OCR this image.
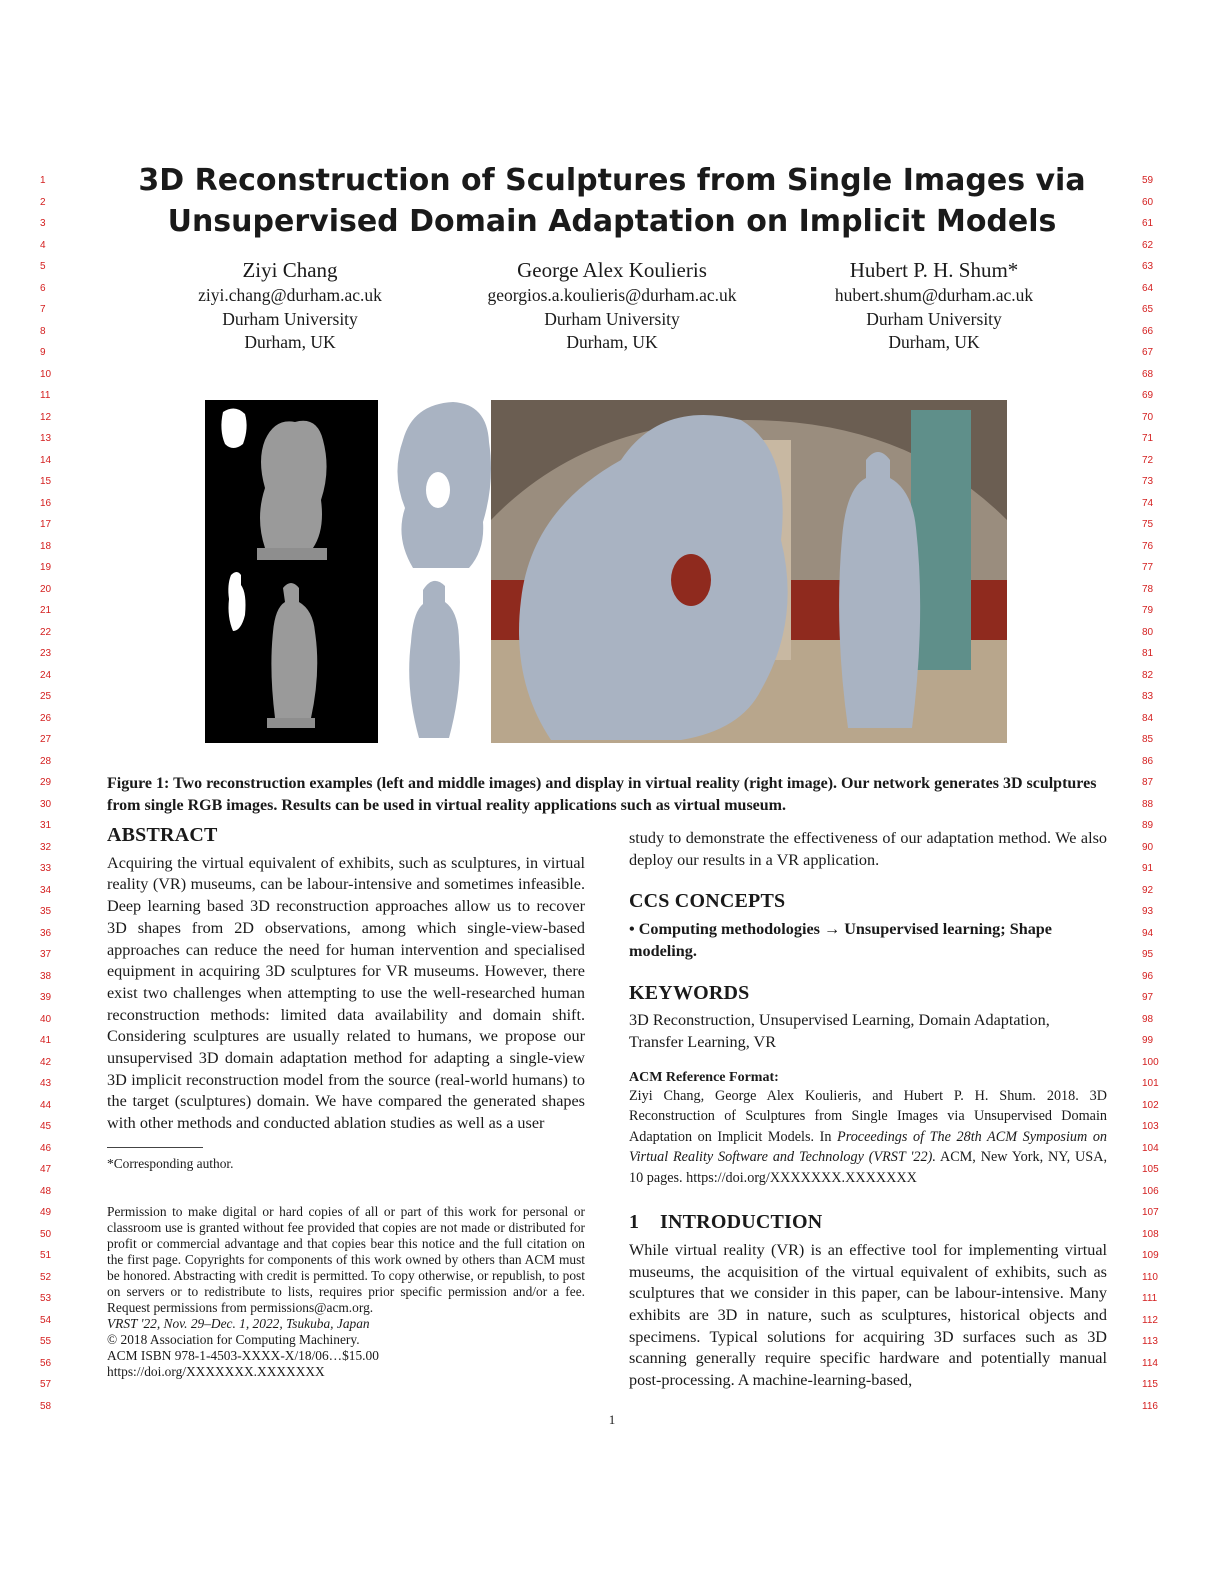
1
2
3
4
5
6
7
8
9
10
11
12
13
14
15
16
17
18
19
20
21
22
23
24
25
26
27
28
29
30
31
32
33
34
35
36
37
38
39
40
41
42
43
44
45
46
47
48
49
50
51
52
53
54
55
56
57
58
59
60
61
62
63
64
65
66
67
68
69
70
71
72
73
74
75
76
77
78
79
80
81
82
83
84
85
86
87
88
89
90
91
92
93
94
95
96
97
98
99
100
101
102
103
104
105
106
107
108
109
110
111
112
113
114
115
116
3D Reconstruction of Sculptures from Single Images via
Unsupervised Domain Adaptation on Implicit Models
Ziyi Chang
ziyi.chang@durham.ac.uk
Durham University
Durham, UK
George Alex Koulieris
georgios.a.koulieris@durham.ac.uk
Durham University
Durham, UK
Hubert P. H. Shum*
hubert.shum@durham.ac.uk
Durham University
Durham, UK
Figure 1: Two reconstruction examples (left and middle images) and display in virtual reality (right image). Our network generates 3D sculptures from single RGB images. Results can be used in virtual reality applications such as virtual museum.
ABSTRACT

Acquiring the virtual equivalent of exhibits, such as sculptures, in virtual reality (VR) museums, can be labour-intensive and sometimes infeasible. Deep learning based 3D reconstruction approaches allow us to recover 3D shapes from 2D observations, among which single-view-based approaches can reduce the need for human intervention and specialised equipment in acquiring 3D sculptures for VR museums. However, there exist two challenges when attempting to use the well-researched human reconstruction methods: limited data availability and domain shift. Considering sculptures are usually related to humans, we propose our unsupervised 3D domain adaptation method for adapting a single-view 3D implicit reconstruction model from the source (real-world humans) to the target (sculptures) domain. We have compared the generated shapes with other methods and conducted ablation studies as well as a user

*Corresponding author.

Permission to make digital or hard copies of all or part of this work for personal or classroom use is granted without fee provided that copies are not made or distributed for profit or commercial advantage and that copies bear this notice and the full citation on the first page. Copyrights for components of this work owned by others than ACM must be honored. Abstracting with credit is permitted. To copy otherwise, or republish, to post on servers or to redistribute to lists, requires prior specific permission and/or a fee. Request permissions from permissions@acm.org.

VRST '22, Nov. 29–Dec. 1, 2022, Tsukuba, Japan

© 2018 Association for Computing Machinery.

ACM ISBN 978-1-4503-XXXX-X/18/06…$15.00

https://doi.org/XXXXXXX.XXXXXXX

study to demonstrate the effectiveness of our adaptation method. We also deploy our results in a VR application.

CCS CONCEPTS

• Computing methodologies → Unsupervised learning; Shape modeling.

KEYWORDS

3D Reconstruction, Unsupervised Learning, Domain Adaptation, Transfer Learning, VR

ACM Reference Format:

Ziyi Chang, George Alex Koulieris, and Hubert P. H. Shum. 2018. 3D Reconstruction of Sculptures from Single Images via Unsupervised Domain Adaptation on Implicit Models. In Proceedings of The 28th ACM Symposium on Virtual Reality Software and Technology (VRST '22). ACM, New York, NY, USA, 10 pages. https://doi.org/XXXXXXX.XXXXXXX

1 INTRODUCTION

While virtual reality (VR) is an effective tool for implementing virtual museums, the acquisition of the virtual equivalent of exhibits, such as sculptures that we consider in this paper, can be labour-intensive. Many exhibits are 3D in nature, such as sculptures, historical objects and specimens. Typical solutions for acquiring 3D surfaces such as 3D scanning generally require specific hardware and potentially manual post-processing. A machine-learning-based,

1
